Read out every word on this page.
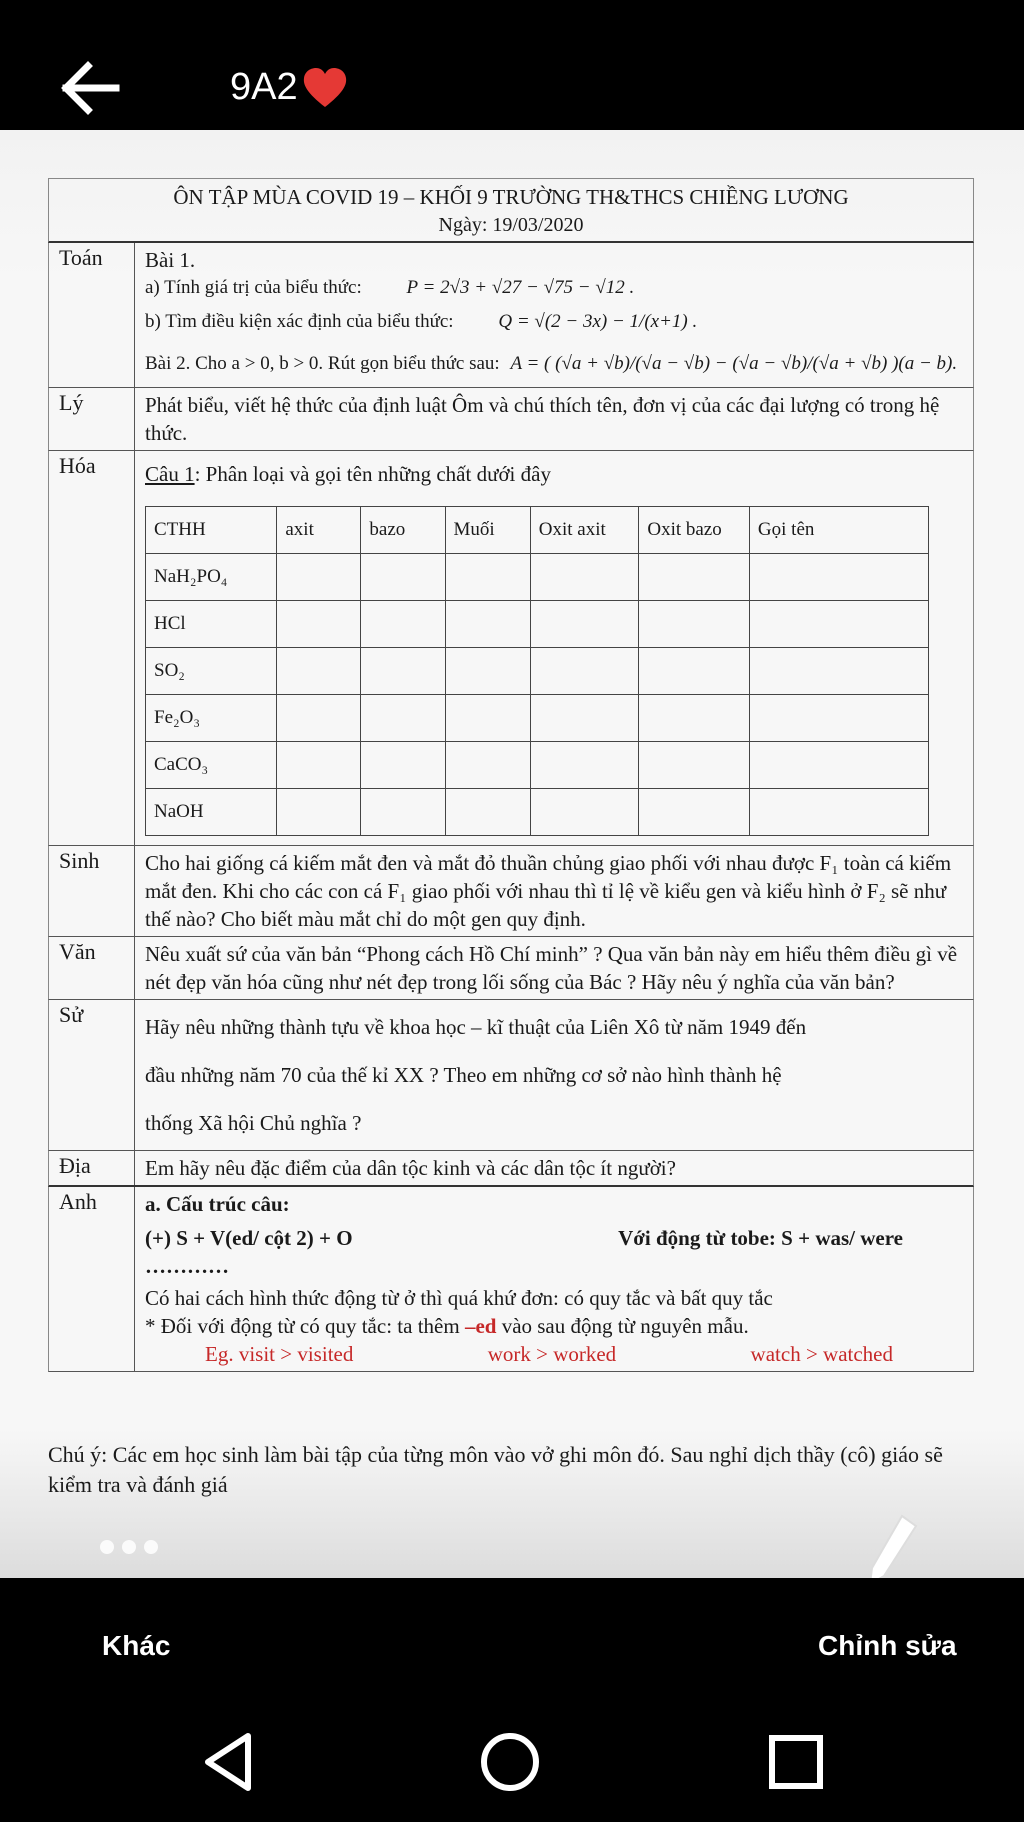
9A2
ÔN TẬP MÙA COVID 19 – KHỐI 9 TRƯỜNG TH&THCS CHIỀNG LƯƠNG
Ngày: 19/03/2020
Toán	Bài 1.
a) Tính giá trị của biểu thức: P = 2√3 + √27 − √75 − √12 .
b) Tìm điều kiện xác định của biểu thức: Q = √(2 − 3x) − 1/(x+1) .
Bài 2. Cho a > 0, b > 0. Rút gọn biểu thức sau: A = ( (√a + √b)/(√a − √b) − (√a − √b)/(√a + √b) )(a − b).
Lý	Phát biểu, viết hệ thức của định luật Ôm và chú thích tên, đơn vị của các đại lượng có trong hệ thức.
Hóa	Câu 1: Phân loại và gọi tên những chất dưới đây
CTHH	axit	bazo	Muối	Oxit axit	Oxit bazo	Gọi tên
NaH₂PO₄						
HCl						
SO₂						
Fe₂O₃						
CaCO₃						
NaOH						
Sinh	Cho hai giống cá kiếm mắt đen và mắt đỏ thuần chủng giao phối với nhau được F₁ toàn cá kiếm mắt đen. Khi cho các con cá F₁ giao phối với nhau thì tỉ lệ về kiểu gen và kiểu hình ở F₂ sẽ như thế nào? Cho biết màu mắt chỉ do một gen quy định.
Văn	Nêu xuất sứ của văn bản “Phong cách Hồ Chí minh” ? Qua văn bản này em hiểu thêm điều gì về nét đẹp văn hóa cũng như nét đẹp trong lối sống của Bác ? Hãy nêu ý nghĩa của văn bản?
Sử	Hãy nêu những thành tựu về khoa học – kĩ thuật của Liên Xô từ năm 1949 đến
đầu những năm 70 của thế kỉ XX ? Theo em những cơ sở nào hình thành hệ
thống Xã hội Chủ nghĩa ?
Địa	Em hãy nêu đặc điểm của dân tộc kinh và các dân tộc ít người?
Anh	a. Cấu trúc câu:
(+) S + V(ed/ cột 2) + O	Với động từ tobe: S + was/ were
…………
Có hai cách hình thức động từ ở thì quá khứ đơn: có quy tắc và bất quy tắc
* Đối với động từ có quy tắc: ta thêm –ed vào sau động từ nguyên mẫu.
Eg. visit > visited	work > worked	watch > watched
Chú ý: Các em học sinh làm bài tập của từng môn vào vở ghi môn đó. Sau nghỉ dịch thầy (cô) giáo sẽ kiểm tra và đánh giá
Khác	Chỉnh sửa
